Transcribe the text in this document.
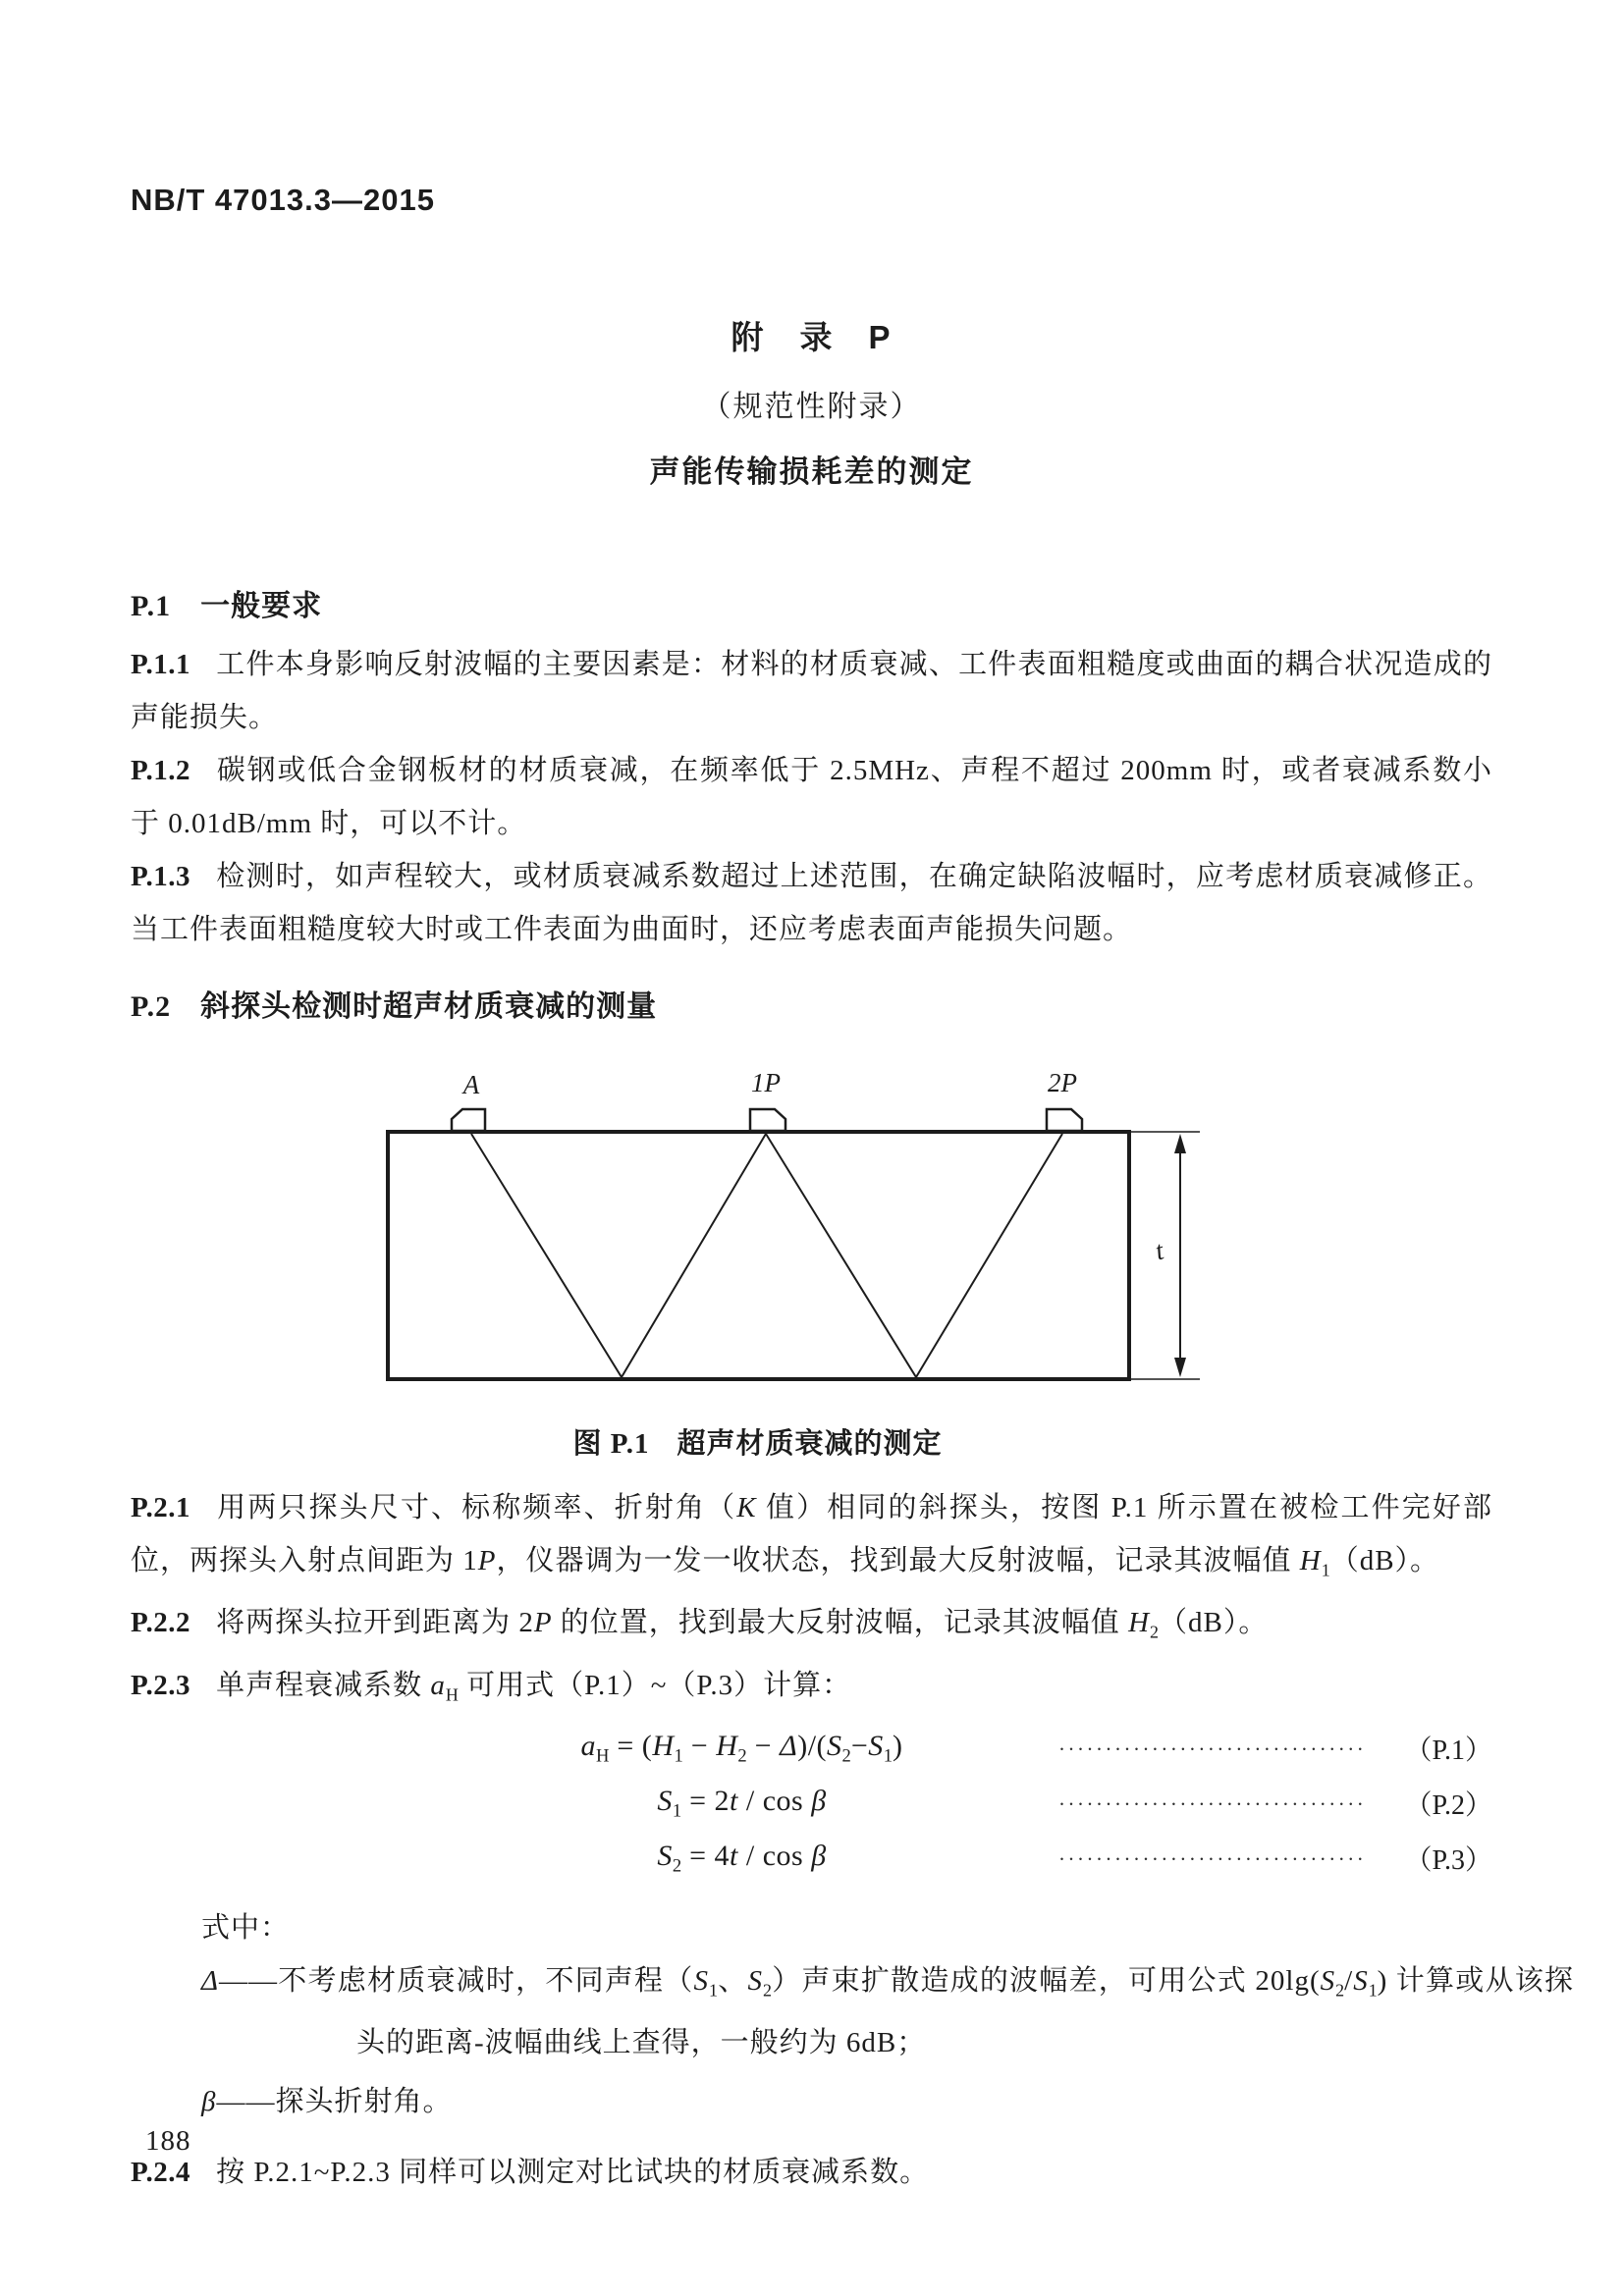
NB/T 47013.3—2015

附　录　P

（规范性附录）

声能传输损耗差的测定

P.1 一般要求

P.1.1 工件本身影响反射波幅的主要因素是：材料的材质衰减、工件表面粗糙度或曲面的耦合状况造成的声能损失。

P.1.2 碳钢或低合金钢板材的材质衰减，在频率低于 2.5MHz、声程不超过 200mm 时，或者衰减系数小于 0.01dB/mm 时，可以不计。

P.1.3 检测时，如声程较大，或材质衰减系数超过上述范围，在确定缺陷波幅时，应考虑材质衰减修正。当工件表面粗糙度较大时或工件表面为曲面时，还应考虑表面声能损失问题。

P.2 斜探头检测时超声材质衰减的测量
A	1P	2P
t

图 P.1 超声材质衰减的测定

P.2.1 用两只探头尺寸、标称频率、折射角（K 值）相同的斜探头，按图 P.1 所示置在被检工件完好部位，两探头入射点间距为 1P，仪器调为一发一收状态，找到最大反射波幅，记录其波幅值 $H_1(dB)$。

P.2.2 将两探头拉开到距离为 2P 的位置，找到最大反射波幅，记录其波幅值 $H_2(dB)$。

P.2.3 单声程衰减系数 $a_H$ 可用式（P.1）~（P.3）计算：

$a_H = (H_1 - H_2 - \Delta)/(S_2-S_1)$	·································	（P.1）
$S_1 = 2t / \cos \beta$	·································	（P.2）
$S_2 = 4t / \cos \beta$	·································	（P.3）

式中：

Δ——不考虑材质衰减时，不同声程（$S_1$、$S_2$）声束扩散造成的波幅差，可用公式 $20\lg(S_2/S_1)$ 计算或从该探头的距离-波幅曲线上查得，一般约为 6dB；

β——探头折射角。

P.2.4 按 P.2.1~P.2.3 同样可以测定对比试块的材质衰减系数。

188
